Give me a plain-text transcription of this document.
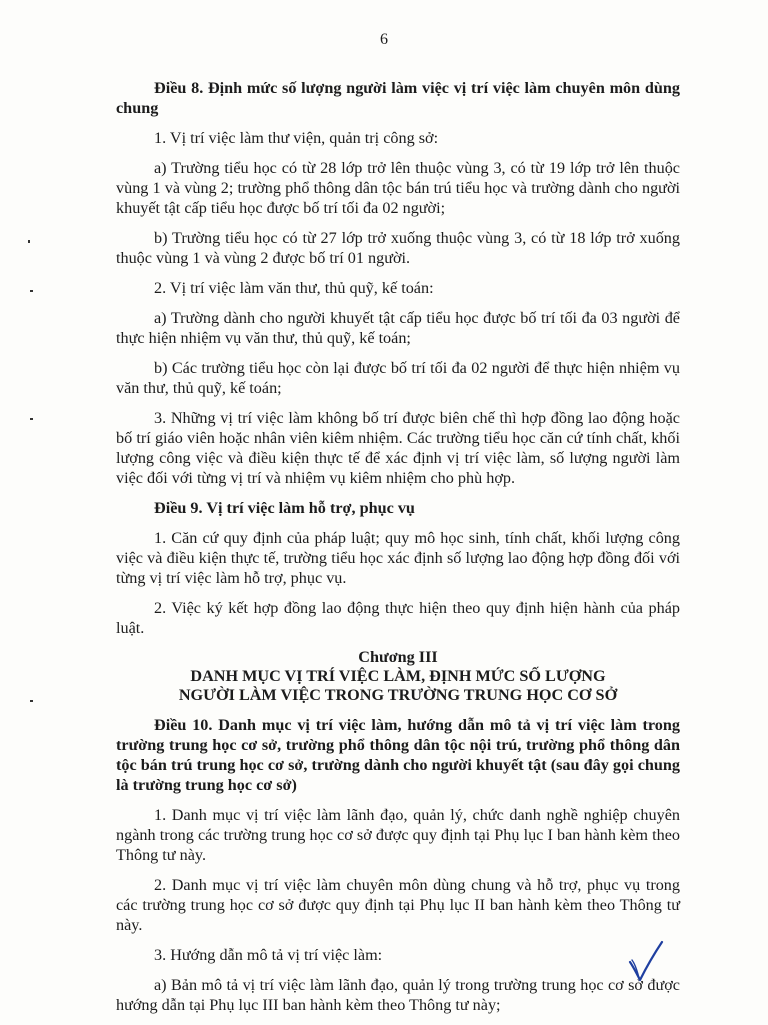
6

Điều 8. Định mức số lượng người làm việc vị trí việc làm chuyên môn dùng chung

1. Vị trí việc làm thư viện, quản trị công sở:

a) Trường tiểu học có từ 28 lớp trở lên thuộc vùng 3, có từ 19 lớp trở lên thuộc vùng 1 và vùng 2; trường phổ thông dân tộc bán trú tiểu học và trường dành cho người khuyết tật cấp tiểu học được bố trí tối đa 02 người;

b) Trường tiểu học có từ 27 lớp trở xuống thuộc vùng 3, có từ 18 lớp trở xuống thuộc vùng 1 và vùng 2 được bố trí 01 người.

2. Vị trí việc làm văn thư, thủ quỹ, kế toán:

a) Trường dành cho người khuyết tật cấp tiểu học được bố trí tối đa 03 người để thực hiện nhiệm vụ văn thư, thủ quỹ, kế toán;

b) Các trường tiểu học còn lại được bố trí tối đa 02 người để thực hiện nhiệm vụ văn thư, thủ quỹ, kế toán;

3. Những vị trí việc làm không bố trí được biên chế thì hợp đồng lao động hoặc bố trí giáo viên hoặc nhân viên kiêm nhiệm. Các trường tiểu học căn cứ tính chất, khối lượng công việc và điều kiện thực tế để xác định vị trí việc làm, số lượng người làm việc đối với từng vị trí và nhiệm vụ kiêm nhiệm cho phù hợp.

Điều 9. Vị trí việc làm hỗ trợ, phục vụ

1. Căn cứ quy định của pháp luật; quy mô học sinh, tính chất, khối lượng công việc và điều kiện thực tế, trường tiểu học xác định số lượng lao động hợp đồng đối với từng vị trí việc làm hỗ trợ, phục vụ.

2. Việc ký kết hợp đồng lao động thực hiện theo quy định hiện hành của pháp luật.

Chương III
DANH MỤC VỊ TRÍ VIỆC LÀM, ĐỊNH MỨC SỐ LƯỢNG
NGƯỜI LÀM VIỆC TRONG TRƯỜNG TRUNG HỌC CƠ SỞ

Điều 10. Danh mục vị trí việc làm, hướng dẫn mô tả vị trí việc làm trong trường trung học cơ sở, trường phổ thông dân tộc nội trú, trường phổ thông dân tộc bán trú trung học cơ sở, trường dành cho người khuyết tật (sau đây gọi chung là trường trung học cơ sở)

1. Danh mục vị trí việc làm lãnh đạo, quản lý, chức danh nghề nghiệp chuyên ngành trong các trường trung học cơ sở được quy định tại Phụ lục I ban hành kèm theo Thông tư này.

2. Danh mục vị trí việc làm chuyên môn dùng chung và hỗ trợ, phục vụ trong các trường trung học cơ sở được quy định tại Phụ lục II ban hành kèm theo Thông tư này.

3. Hướng dẫn mô tả vị trí việc làm:

a) Bản mô tả vị trí việc làm lãnh đạo, quản lý trong trường trung học cơ sở được hướng dẫn tại Phụ lục III ban hành kèm theo Thông tư này;
